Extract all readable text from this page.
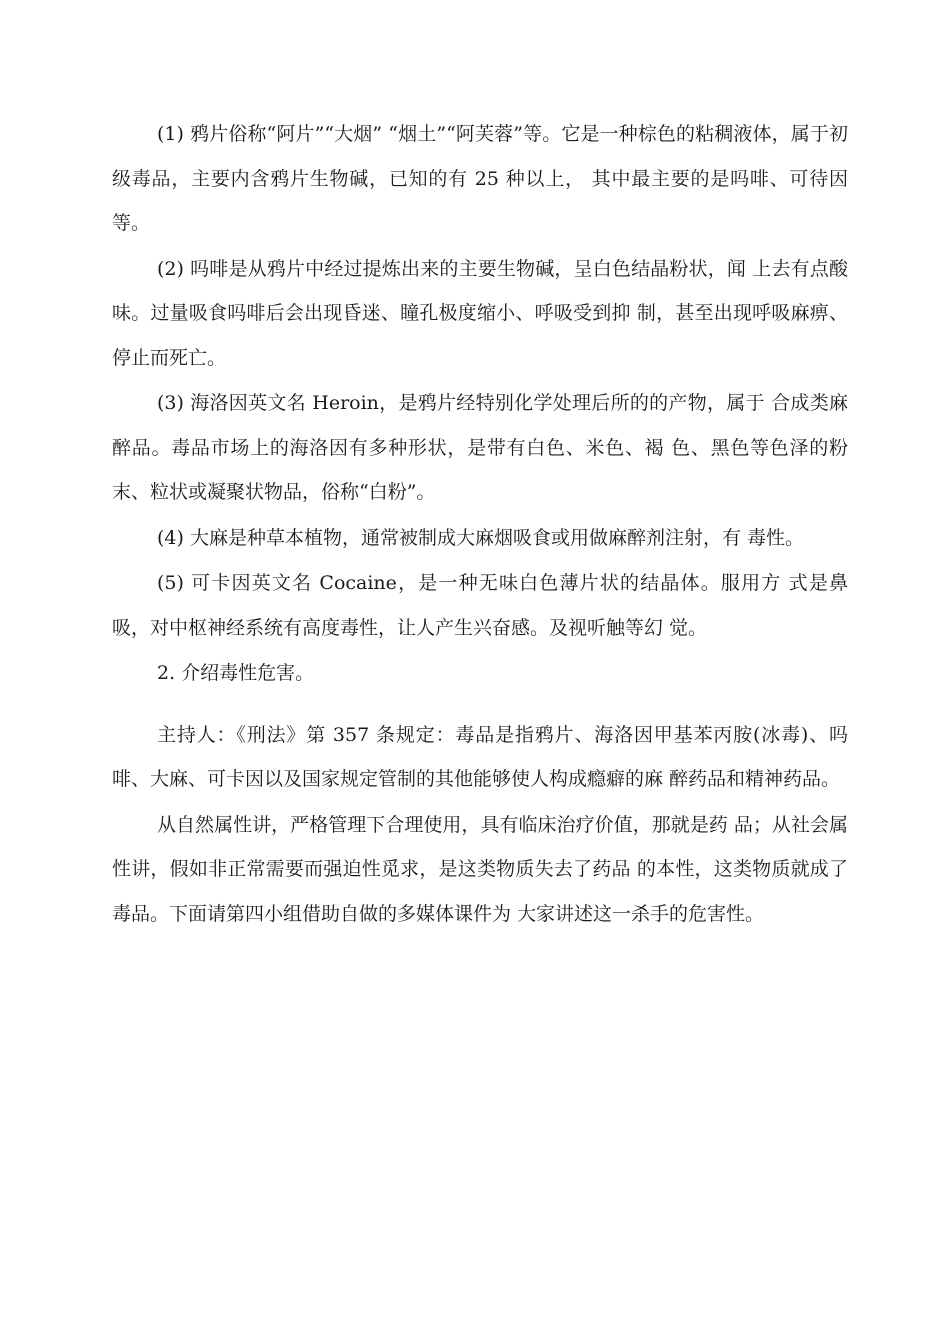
(1) 鸦片俗称“阿片”“大烟” “烟土”“阿芙蓉”等。它是一种棕色的粘稠液体，属于初级毒品，主要内含鸦片生物碱，已知的有 25 种以上， 其中最主要的是吗啡、可待因等。

(2) 吗啡是从鸦片中经过提炼出来的主要生物碱，呈白色结晶粉状，闻 上去有点酸味。过量吸食吗啡后会出现昏迷、瞳孔极度缩小、呼吸受到抑 制，甚至出现呼吸麻痹、停止而死亡。

(3) 海洛因英文名 Heroin，是鸦片经特别化学处理后所的的产物，属于 合成类麻醉品。毒品市场上的海洛因有多种形状，是带有白色、米色、褐 色、黑色等色泽的粉末、粒状或凝聚状物品，俗称“白粉”。

(4) 大麻是种草本植物，通常被制成大麻烟吸食或用做麻醉剂注射，有 毒性。

(5) 可卡因英文名 Cocaine，是一种无味白色薄片状的结晶体。服用方 式是鼻吸，对中枢神经系统有高度毒性，让人产生兴奋感。及视听触等幻 觉。

2. 介绍毒性危害。

主持人：《刑法》第 357 条规定：毒品是指鸦片、海洛因甲基苯丙胺(冰毒)、吗啡、大麻、可卡因以及国家规定管制的其他能够使人构成瘾癖的麻 醉药品和精神药品。

从自然属性讲，严格管理下合理使用，具有临床治疗价值，那就是药 品；从社会属性讲，假如非正常需要而强迫性觅求，是这类物质失去了药品 的本性，这类物质就成了毒品。下面请第四小组借助自做的多媒体课件为 大家讲述这一杀手的危害性。
